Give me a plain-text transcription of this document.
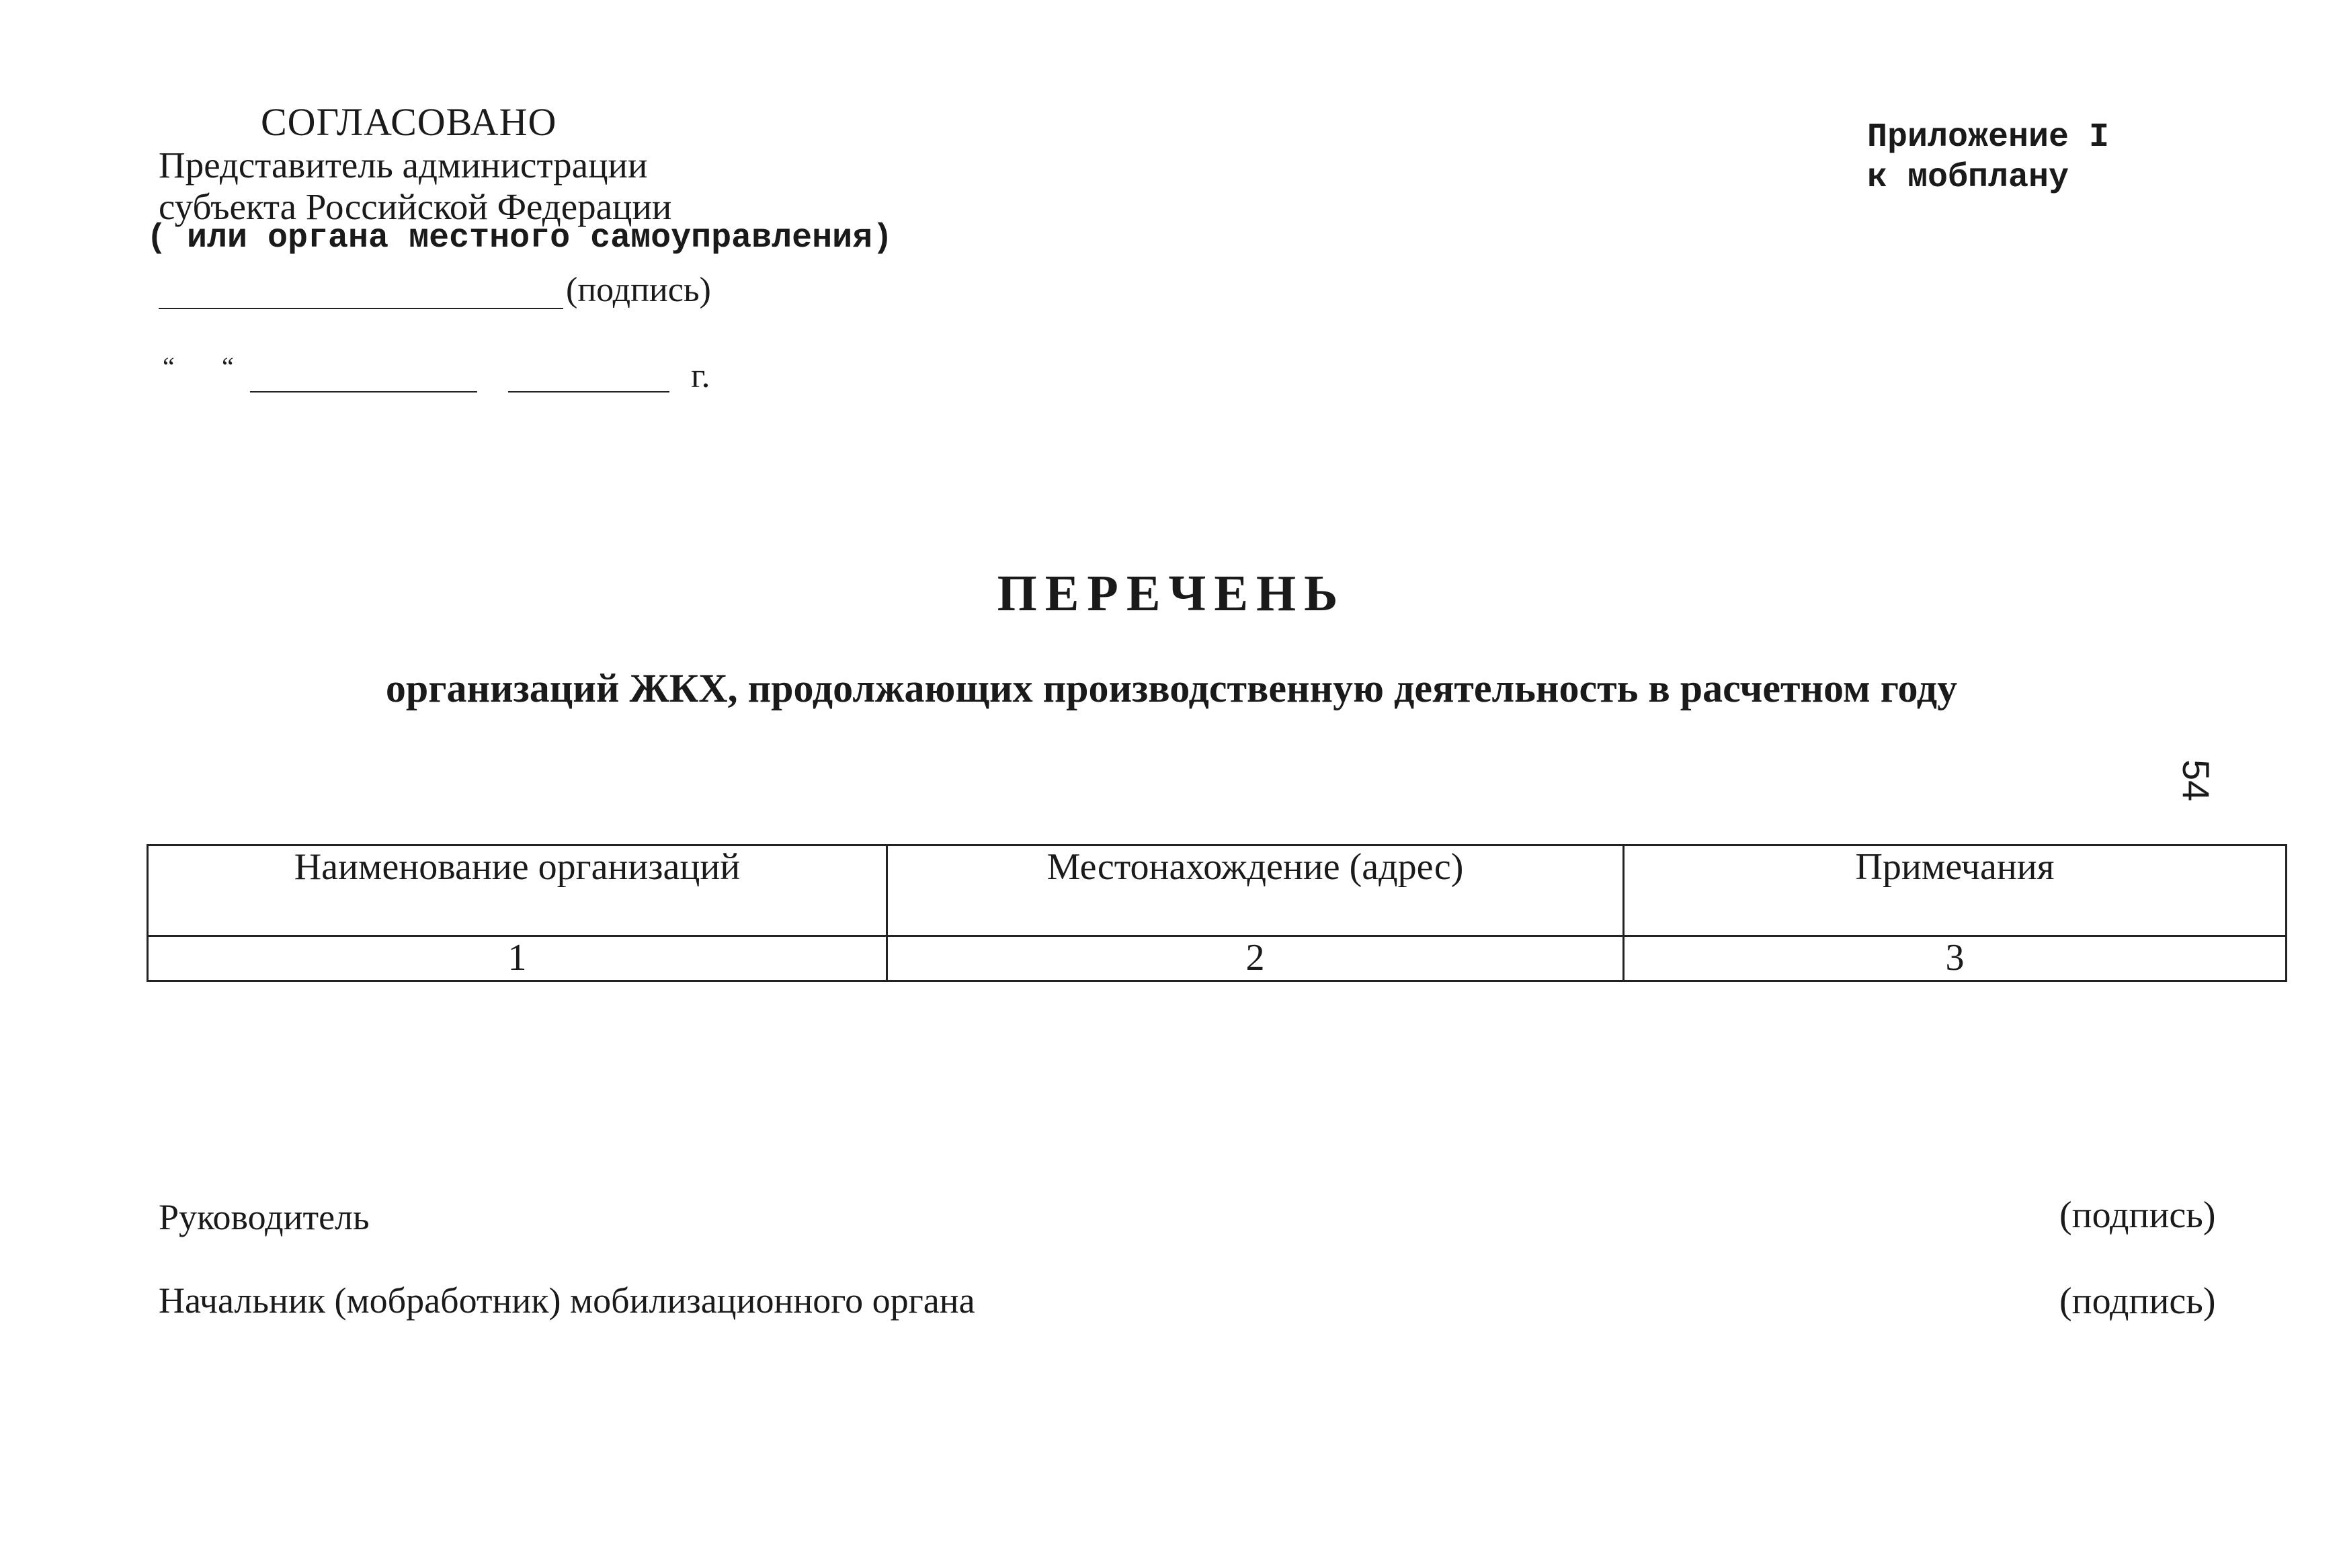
СОГЛАСОВАНО
Представитель администрации
субъекта Российской Федерации
( или органа местного самоуправления)
(подпись)
“ “	г.
Приложение I
к мобплану
ПЕРЕЧЕНЬ
организаций ЖКХ, продолжающих производственную деятельность в расчетном году
54
Наименование организаций	Местонахождение (адрес)	Примечания
1	2	3
Руководитель	(подпись)
Начальник (мобработник) мобилизационного органа	(подпись)
